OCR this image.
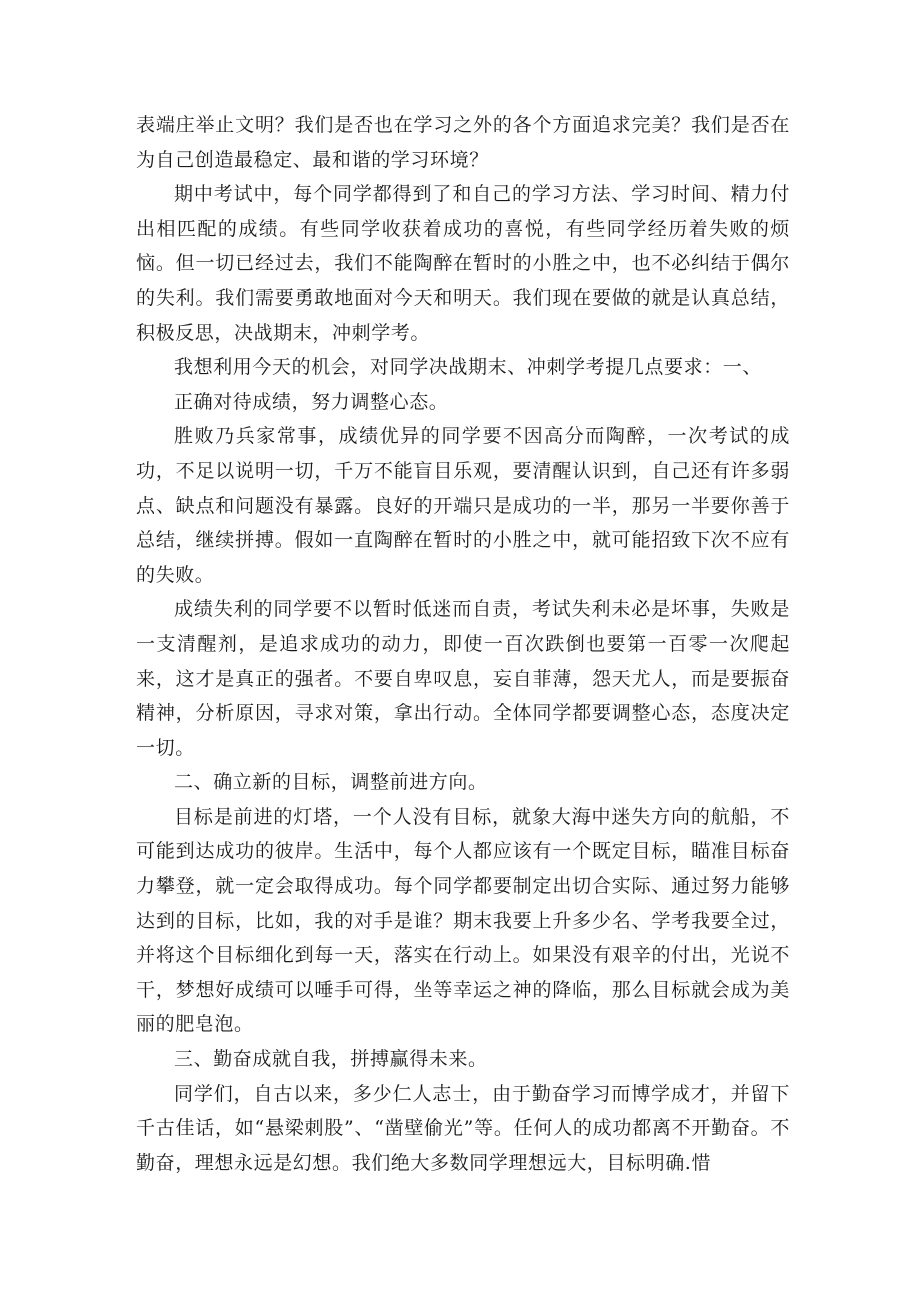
表端庄举止文明？我们是否也在学习之外的各个方面追求完美？我们是否在为自己创造最稳定、最和谐的学习环境？

期中考试中，每个同学都得到了和自己的学习方法、学习时间、精力付出相匹配的成绩。有些同学收获着成功的喜悦，有些同学经历着失败的烦恼。但一切已经过去，我们不能陶醉在暂时的小胜之中，也不必纠结于偶尔的失利。我们需要勇敢地面对今天和明天。我们现在要做的就是认真总结，积极反思，决战期末，冲刺学考。

我想利用今天的机会，对同学决战期末、冲刺学考提几点要求：一、

正确对待成绩，努力调整心态。

胜败乃兵家常事，成绩优异的同学要不因高分而陶醉，一次考试的成功，不足以说明一切，千万不能盲目乐观，要清醒认识到，自己还有许多弱点、缺点和问题没有暴露。良好的开端只是成功的一半，那另一半要你善于总结，继续拼搏。假如一直陶醉在暂时的小胜之中，就可能招致下次不应有的失败。

成绩失利的同学要不以暂时低迷而自责，考试失利未必是坏事，失败是一支清醒剂，是追求成功的动力，即使一百次跌倒也要第一百零一次爬起来，这才是真正的强者。不要自卑叹息，妄自菲薄，怨天尤人，而是要振奋精神，分析原因，寻求对策，拿出行动。全体同学都要调整心态，态度决定一切。

二、确立新的目标，调整前进方向。

目标是前进的灯塔，一个人没有目标，就象大海中迷失方向的航船，不可能到达成功的彼岸。生活中，每个人都应该有一个既定目标，瞄准目标奋力攀登，就一定会取得成功。每个同学都要制定出切合实际、通过努力能够达到的目标，比如，我的对手是谁？期末我要上升多少名、学考我要全过，并将这个目标细化到每一天，落实在行动上。如果没有艰辛的付出，光说不干，梦想好成绩可以唾手可得，坐等幸运之神的降临，那么目标就会成为美丽的肥皂泡。

三、勤奋成就自我，拼搏赢得未来。

同学们，自古以来，多少仁人志士，由于勤奋学习而博学成才，并留下千古佳话，如“悬梁刺股”、“凿壁偷光”等。任何人的成功都离不开勤奋。不勤奋，理想永远是幻想。我们绝大多数同学理想远大，目标明确.惜
